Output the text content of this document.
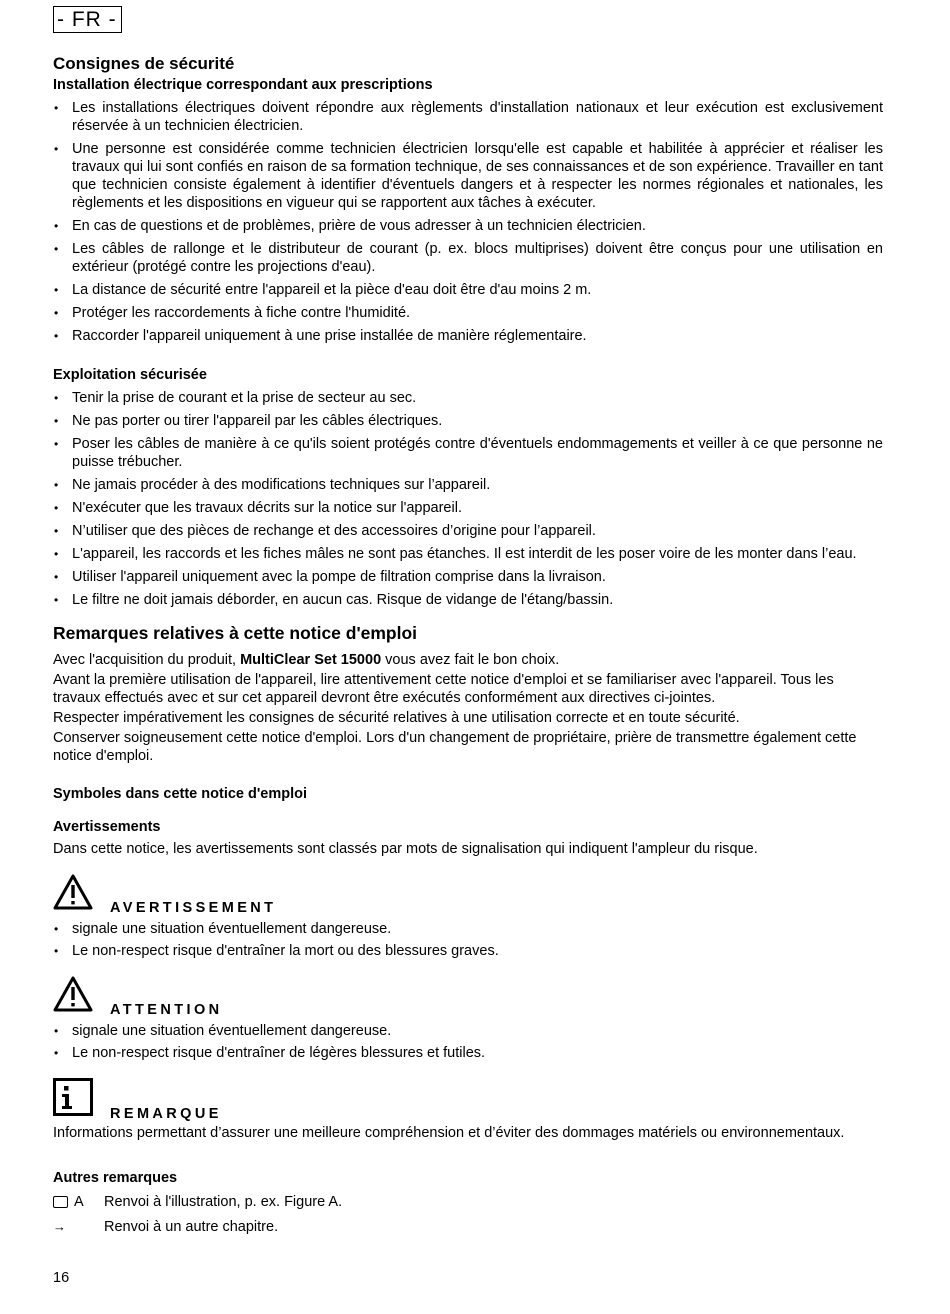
- FR -
Consignes de sécurité
Installation électrique correspondant aux prescriptions
• Les installations électriques doivent répondre aux règlements d'installation nationaux et leur exécution est exclusivement réservée à un technicien électricien.
• Une personne est considérée comme technicien électricien lorsqu'elle est capable et habilitée à apprécier et réaliser les travaux qui lui sont confiés en raison de sa formation technique, de ses connaissances et de son expérience. Travailler en tant que technicien consiste également à identifier d'éventuels dangers et à respecter les normes régionales et nationales, les règlements et les dispositions en vigueur qui se rapportent aux tâches à exécuter.
• En cas de questions et de problèmes, prière de vous adresser à un technicien électricien.
• Les câbles de rallonge et le distributeur de courant (p. ex. blocs multiprises) doivent être conçus pour une utilisation en extérieur (protégé contre les projections d'eau).
• La distance de sécurité entre l'appareil et la pièce d'eau doit être d'au moins 2 m.
• Protéger les raccordements à fiche contre l'humidité.
• Raccorder l'appareil uniquement à une prise installée de manière réglementaire.
Exploitation sécurisée
• Tenir la prise de courant et la prise de secteur au sec.
• Ne pas porter ou tirer l'appareil par les câbles électriques.
• Poser les câbles de manière à ce qu'ils soient protégés contre d'éventuels endommagements et veiller à ce que personne ne puisse trébucher.
• Ne jamais procéder à des modifications techniques sur l’appareil.
• N'exécuter que les travaux décrits sur la notice sur l'appareil.
• N’utiliser que des pièces de rechange et des accessoires d’origine pour l’appareil.
• L'appareil, les raccords et les fiches mâles ne sont pas étanches. Il est interdit de les poser voire de les monter dans l’eau.
• Utiliser l'appareil uniquement avec la pompe de filtration comprise dans la livraison.
• Le filtre ne doit jamais déborder, en aucun cas. Risque de vidange de l'étang/bassin.
Remarques relatives à cette notice d'emploi

Avec l'acquisition du produit, MultiClear Set 15000 vous avez fait le bon choix.

Avant la première utilisation de l'appareil, lire attentivement cette notice d'emploi et se familiariser avec l'appareil. Tous les travaux effectués avec et sur cet appareil devront être exécutés conformément aux directives ci-jointes.

Respecter impérativement les consignes de sécurité relatives à une utilisation correcte et en toute sécurité.

Conserver soigneusement cette notice d'emploi. Lors d'un changement de propriétaire, prière de transmettre également cette notice d'emploi.

Symboles dans cette notice d'emploi
Avertissements

Dans cette notice, les avertissements sont classés par mots de signalisation qui indiquent l'ampleur du risque.

AVERTISSEMENT
• signale une situation éventuellement dangereuse.
• Le non-respect risque d'entraîner la mort ou des blessures graves.
ATTENTION
• signale une situation éventuellement dangereuse.
• Le non-respect risque d'entraîner de légères blessures et futiles.
REMARQUE

Informations permettant d’assurer une meilleure compréhension et d’éviter des dommages matériels ou environnementaux.

Autres remarques
A Renvoi à l'illustration, p. ex. Figure A.
→	Renvoi à un autre chapitre.
16
